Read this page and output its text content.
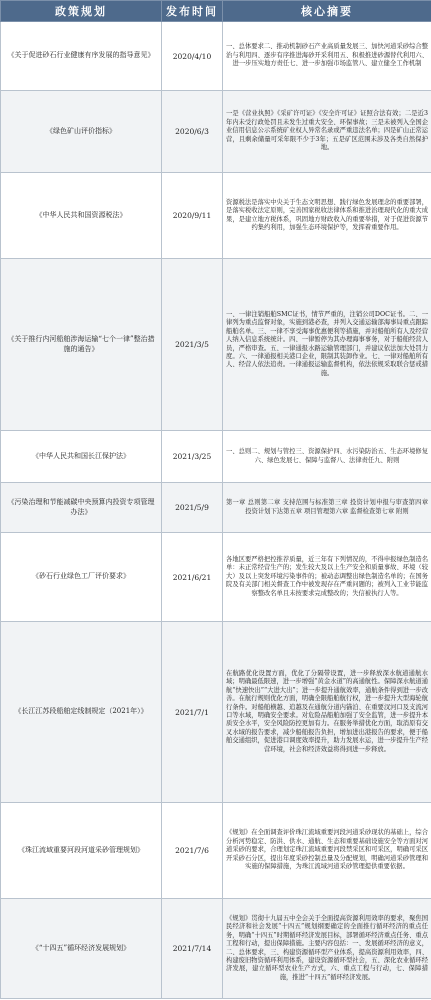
政策规划	发布时间	核心摘要
《关于促进砂石行业健康有序发展的指导意见》	2020/4/10	一、总体要求二、推动机制砂石产业高质量发展三、加快河道采砂综合整治与利用四、逐步有序推进海砂开采利用五、积极推进砂源替代利用六、进一步压实地方责任七、进一步加强市场监管八、建立健全工作机制
《绿色矿山评价指标》	2020/6/3	一是《营业执照》《采矿许可证》《安全许可证》证照合法有效；二是近3年内未受行政处罚且未发生过重大安全、环保事故；三是未被列入全国企业信用信息公示系统矿业权人异常名录或严重违法名单；四是矿山正常运营，且剩余储量可采年限不少于3年；五是矿区范围未涉及各类自然保护地。
《中华人民共和国资源税法》	2020/9/11	资源税法是落实中央关于生态文明思想、践行绿色发展理念的重要部署，是落实税收法定原则，完善国家税收法律体系和推进治理现代化的重大成果，是建立地方税体系，巩固地方财政收入的重要举措，对于促进资源节约集约利用，加强生态环境保护等，发挥着重要作用。
《关于推行内河船舶涉海运输“七个一律”整治措施的通告》	2021/3/5	一、一律注销船舶SMC证书，情节严重的，注销公司DOC证书。二、一律列为重点监督对象，实施到港必查，并列入交通运输部海事局重点跟踪船舶名单。三、一律不享受海事优惠便利等措施，并对船舶所有人及经营人纳入信息系统统计。四、一律暂停为其办理海事事务，对于船舶经营人员，严格审查。五、一律通报水路运输管理部门，并建议依法加大处罚力度。六、一律通报相关港口企业，限制其装卸作业。七、一律对船舶所有人、经营人依法追责。一律通报运输监督机构，依法依规采取联合惩戒措施。
《中华人民共和国长江保护法》	2021/3/25	一、总则二、规划与管控三、资源保护四、水污染防治五、生态环境修复六、绿色发展七、保障与监督八、法律责任九、附则
《污染治理和节能减碳中央预算内投资专项管理办法》	2021/5/9	第一章 总则第二章 支持范围与标准第三章 投资计划申报与审查第四章 投资计划下达第五章 项目管理第六章 监督检查第七章 附则
《砂石行业绿色工厂评价要求》	2021/6/21	各地区要严格把控推荐质量，近三年有下列情况的，不得申报绿色制造名单：未正常经营生产的；发生较大及以上生产安全和质量事故、环境（较大）及以上突发环境污染事件的；被动态调整出绿色制造名单的；在国务院及有关部门相关督查工作中被发现存在严重问题的；被列入工业节能监察整改名单且未按要求完成整改的；失信被执行人等。
《长江江苏段船舶定线制规定（2021年）》	2021/7/1	在航路优化设置方面，优化了分隔带设置，进一步释放深水航道通航水域；明确最低限速，进一步增强“黄金水道”的高通航性。保障深水航道通航“快速快出”“大进大出”；进一步提升通航效率，通航条件得到进一步改善。在航行规则优化方面，明确全限船舶航行权，进一步提升大型海轮航行条件。对船舶横越、追越及在通航分道内锚泊、在重要汊河口及支流河口等水域，明确安全要求。对危险品船舶加强了安全监管，进一步提升本质安全水平，安全风险防控更加有力。在服务举措优化方面，取消原有交叉水域的报告要求，减少船舶报告负担，增加进出港报告的要求，便于船舶交通组织，促进港口调度效率提升，助力发展水运，进一步提升生产经营环境，社会和经济效益将得到进一步释放。
《珠江流域重要河段河道采砂管理规划》	2021/7/6	《规划》在全面调查评价珠江流域重要河段河道采砂现状的基础上，综合分析河势稳定、防洪、供水、通航、生态和重要基础设施安全等方面对河道采砂的要求，合理划定珠江流域重要河段禁采区和可采区，明确可采区开采砂石分区，提出年度采砂控制总量及分配规划，明确河道采砂管理和实施的保障措施，为珠江流域河道采砂管理提供重要依据。
《“十四五”循环经济发展规划》	2021/7/14	《规划》贯彻十九届五中全会关于全面提高资源利用效率的要求，聚焦国民经济和社会发展“十四五”规划纲要确定的全面推行循环经济的重点任务，明确“十四五”时期循环经济发展目标，部署循环经济重点任务、重点工程和行动，提出保障措施。主要内容包括：一、发展循环经济的意义，二、总体要求，三、构建资源循环型产业体系，提高资源利用效率，四、构建废旧物资循环利用体系，建设资源循环型社会，五、深化农业循环经济发展，建立循环型农业生产方式，六、重点工程与行动，七、保障措施，推进“十四五”循环经济发展。
